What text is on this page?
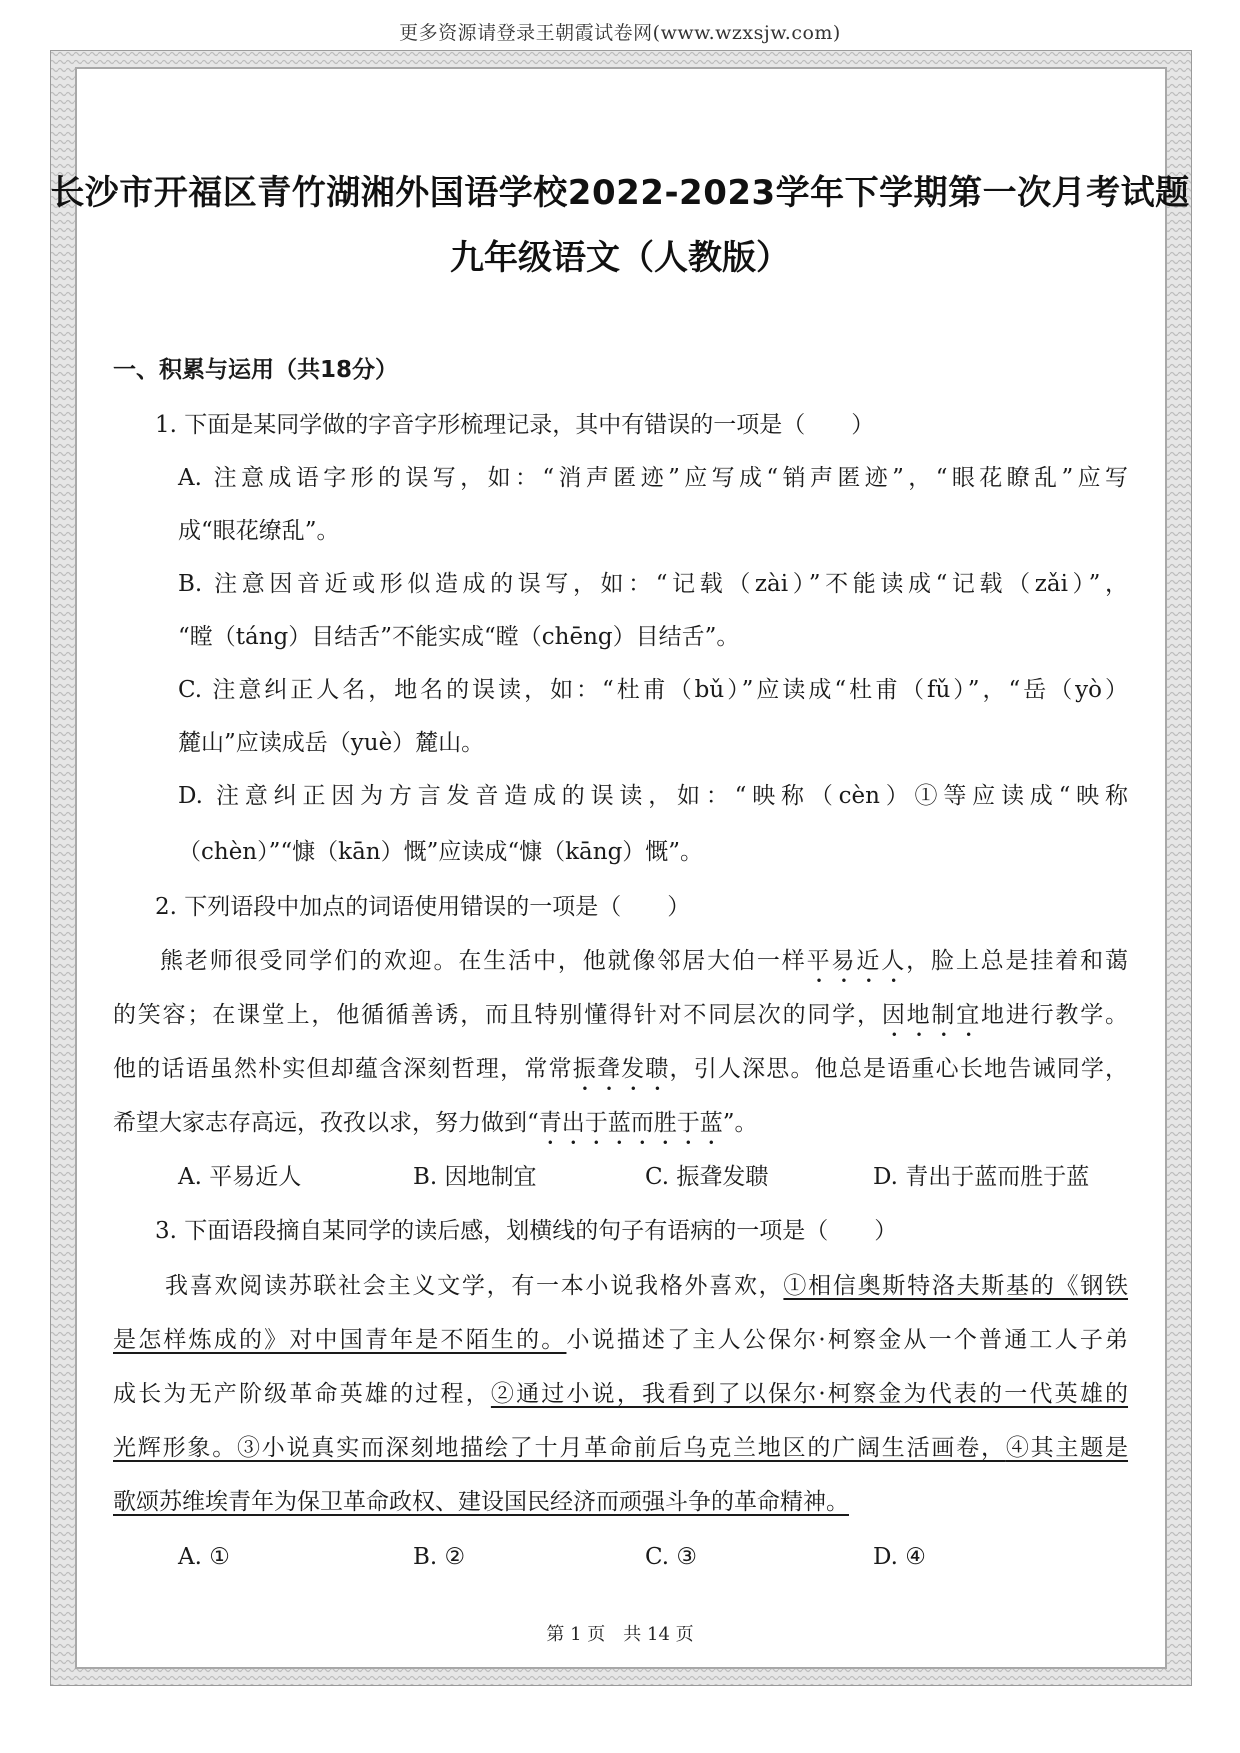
更多资源请登录王朝霞试卷网(www.wzxsjw.com)
长沙市开福区青竹湖湘外国语学校2022-2023学年下学期第一次月考试题
九年级语文（人教版）
一、积累与运用（共18分）
1. 下面是某同学做的字音字形梳理记录，其中有错误的一项是（　　）
A. 注意成语字形的误写，如：“消声匿迹”应写成“销声匿迹”，“眼花瞭乱”应写
成“眼花缭乱”。
B. 注意因音近或形似造成的误写，如：“记载（zài）”不能读成“记载（zǎi）”，
“瞠（táng）目结舌”不能实成“瞠（chēng）目结舌”。
C. 注意纠正人名，地名的误读，如：“杜甫（bǔ）”应读成“杜甫（fǔ）”，“岳（yò）
麓山”应读成岳（yuè）麓山。
D. 注意纠正因为方言发音造成的误读，如：“映称（cèn）①等应读成“映称
（chèn）”“慷（kān）慨”应读成“慷（kāng）慨”。
2. 下列语段中加点的词语使用错误的一项是（　　）
熊老师很受同学们的欢迎。在生活中，他就像邻居大伯一样平易近人，脸上总是挂着和蔼
的笑容；在课堂上，他循循善诱，而且特别懂得针对不同层次的同学，因地制宜地进行教学。
他的话语虽然朴实但却蕴含深刻哲理，常常振聋发聩，引人深思。他总是语重心长地告诫同学，
希望大家志存高远，孜孜以求，努力做到“青出于蓝而胜于蓝”。
A. 平易近人	B. 因地制宜	C. 振聋发聩	D. 青出于蓝而胜于蓝
3. 下面语段摘自某同学的读后感，划横线的句子有语病的一项是（　　）
我喜欢阅读苏联社会主义文学，有一本小说我格外喜欢，①相信奥斯特洛夫斯基的《钢铁
是怎样炼成的》对中国青年是不陌生的。小说描述了主人公保尔·柯察金从一个普通工人子弟
成长为无产阶级革命英雄的过程，②通过小说，我看到了以保尔·柯察金为代表的一代英雄的
光辉形象。③小说真实而深刻地描绘了十月革命前后乌克兰地区的广阔生活画卷，④其主题是
歌颂苏维埃青年为保卫革命政权、建设国民经济而顽强斗争的革命精神。
A. ①	B. ②	C. ③	D. ④
第 1 页　共 14 页
